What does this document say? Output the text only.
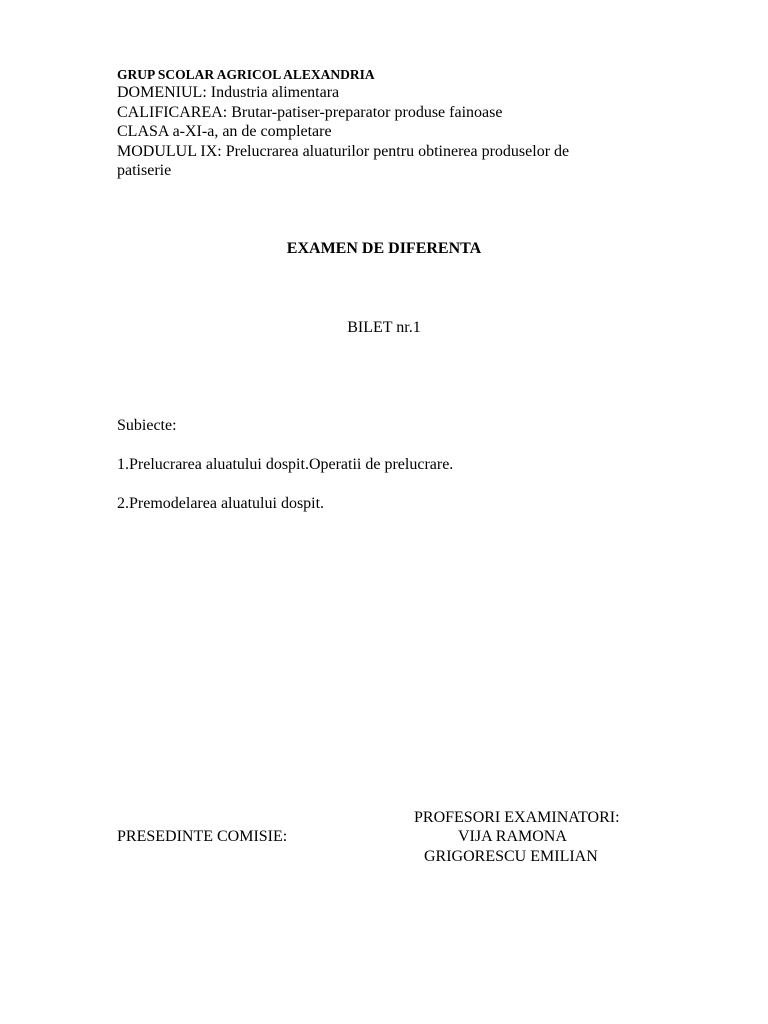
GRUP SCOLAR AGRICOL ALEXANDRIA
DOMENIUL: Industria alimentara
CALIFICAREA: Brutar-patiser-preparator produse fainoase
CLASA a-XI-a, an de completare
MODULUL IX: Prelucrarea aluaturilor pentru obtinerea produselor de
patiserie
EXAMEN DE DIFERENTA
BILET nr.1
Subiecte:
1.Prelucrarea aluatului dospit.Operatii de prelucrare.
2.Premodelarea aluatului dospit.
PROFESORI EXAMINATORI:
PRESEDINTE COMISIE:	VIJA RAMONA
GRIGORESCU EMILIAN
